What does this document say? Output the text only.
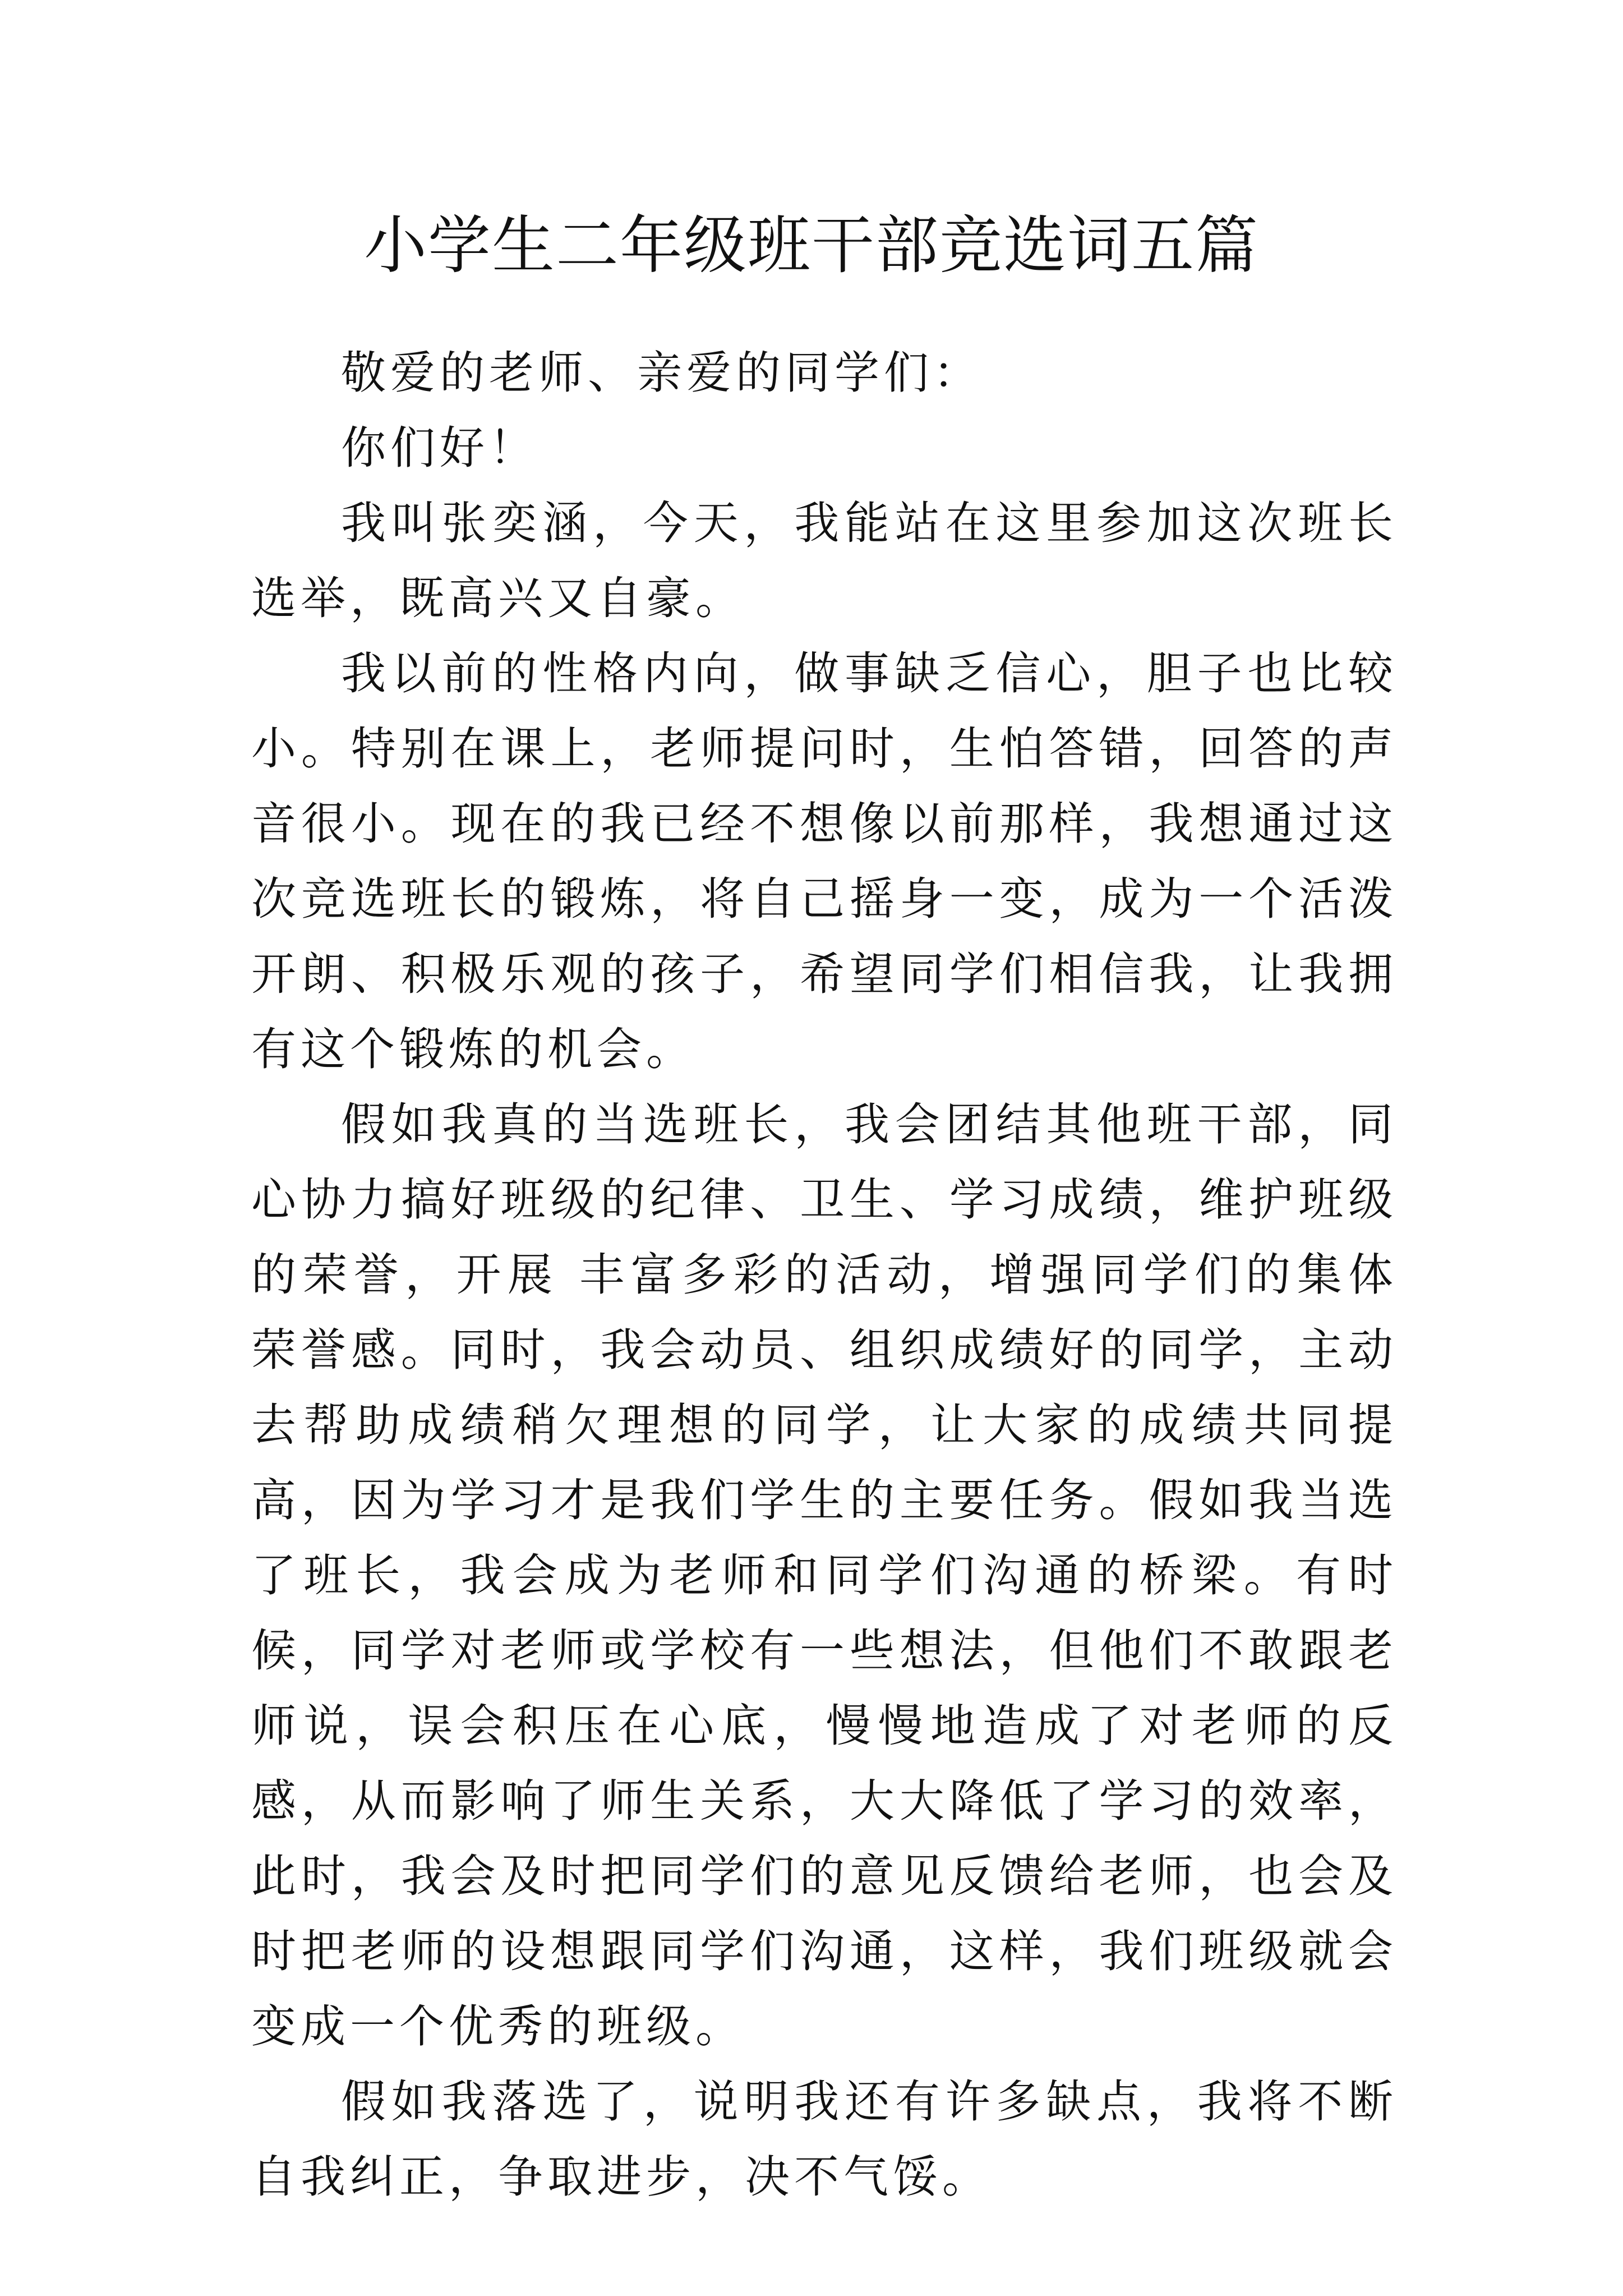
小学生二年级班干部竞选词五篇

敬爱的老师、亲爱的同学们：

你们好！

我叫张奕涵，今天，我能站在这里参加这次班长选举，既高兴又自豪。

我以前的性格内向，做事缺乏信心，胆子也比较小。特别在课上，老师提问时，生怕答错，回答的声音很小。现在的我已经不想像以前那样，我想通过这次竞选班长的锻炼，将自己摇身一变，成为一个活泼开朗、积极乐观的孩子，希望同学们相信我，让我拥有这个锻炼的机会。

假如我真的当选班长，我会团结其他班干部，同心协力搞好班级的纪律、卫生、学习成绩，维护班级的荣誉，开展 丰富多彩的活动，增强同学们的集体荣誉感。同时，我会动员、组织成绩好的同学，主动去帮助成绩稍欠理想的同学，让大家的成绩共同提高，因为学习才是我们学生的主要任务。假如我当选了班长，我会成为老师和同学们沟通的桥梁。有时候，同学对老师或学校有一些想法，但他们不敢跟老师说，误会积压在心底，慢慢地造成了对老师的反感，从而影响了师生关系，大大降低了学习的效率，此时，我会及时把同学们的意见反馈给老师，也会及时把老师的设想跟同学们沟通，这样，我们班级就会变成一个优秀的班级。

假如我落选了，说明我还有许多缺点，我将不断自我纠正，争取进步，决不气馁。
